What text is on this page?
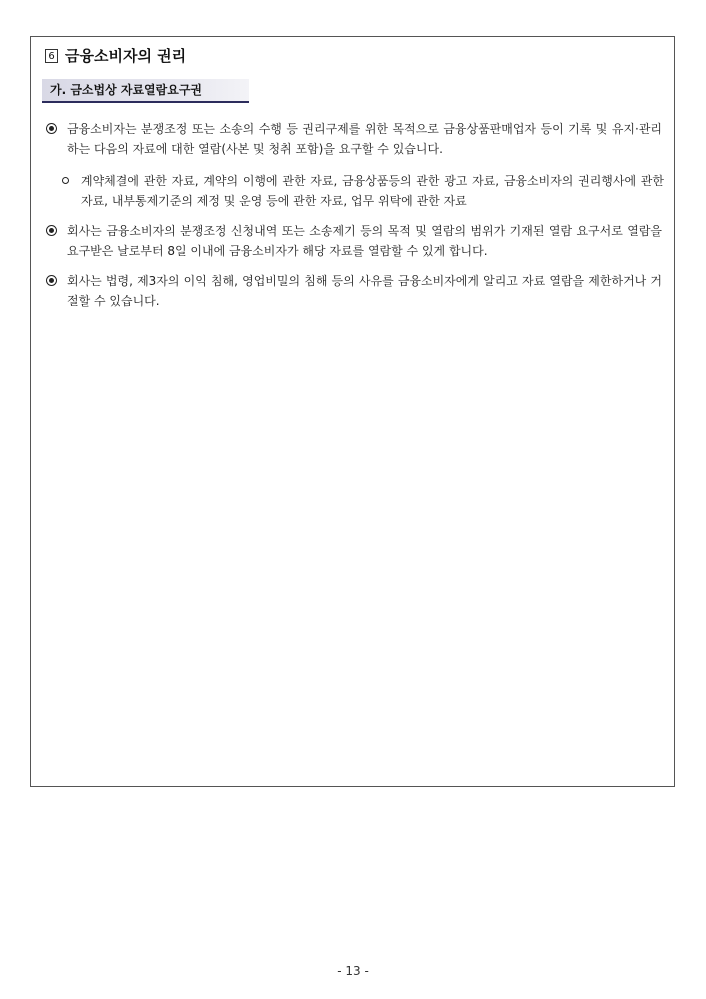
6 금융소비자의 권리
가. 금소법상 자료열람요구권
금융소비자는 분쟁조정 또는 소송의 수행 등 권리구제를 위한 목적으로 금융상품판매업자 등이 기록 및 유지·관리하는 다음의 자료에 대한 열람(사본 및 청취 포함)을 요구할 수 있습니다.
계약체결에 관한 자료, 계약의 이행에 관한 자료, 금융상품등의 관한 광고 자료, 금융소비자의 권리행사에 관한 자료, 내부통제기준의 제정 및 운영 등에 관한 자료, 업무 위탁에 관한 자료
회사는 금융소비자의 분쟁조정 신청내역 또는 소송제기 등의 목적 및 열람의 범위가 기재된 열람 요구서로 열람을 요구받은 날로부터 8일 이내에 금융소비자가 해당 자료를 열람할 수 있게 합니다.
회사는 법령, 제3자의 이익 침해, 영업비밀의 침해 등의 사유를 금융소비자에게 알리고 자료 열람을 제한하거나 거절할 수 있습니다.
- 13 -
